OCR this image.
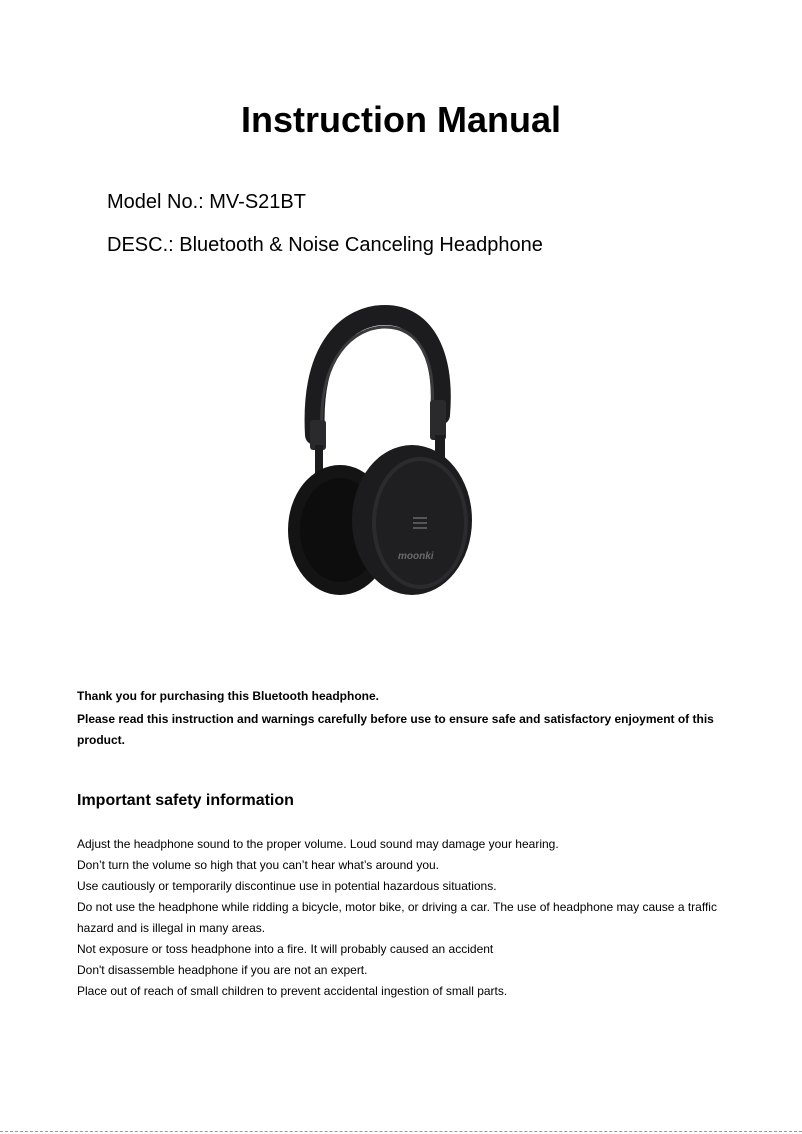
Instruction Manual

Model No.: MV-S21BT

DESC.: Bluetooth & Noise Canceling Headphone

moonki

Thank you for purchasing this Bluetooth headphone.

Please read this instruction and warnings carefully before use to ensure safe and satisfactory enjoyment of this product.

Important safety information
Adjust the headphone sound to the proper volume. Loud sound may damage your hearing.
Don’t turn the volume so high that you can’t hear what’s around you.
Use cautiously or temporarily discontinue use in potential hazardous situations.
Do not use the headphone while ridding a bicycle, motor bike, or driving a car. The use of headphone may cause a traffic hazard and is illegal in many areas.
Not exposure or toss headphone into a fire. It will probably caused an accident
Don't disassemble headphone if you are not an expert.
Place out of reach of small children to prevent accidental ingestion of small parts.
